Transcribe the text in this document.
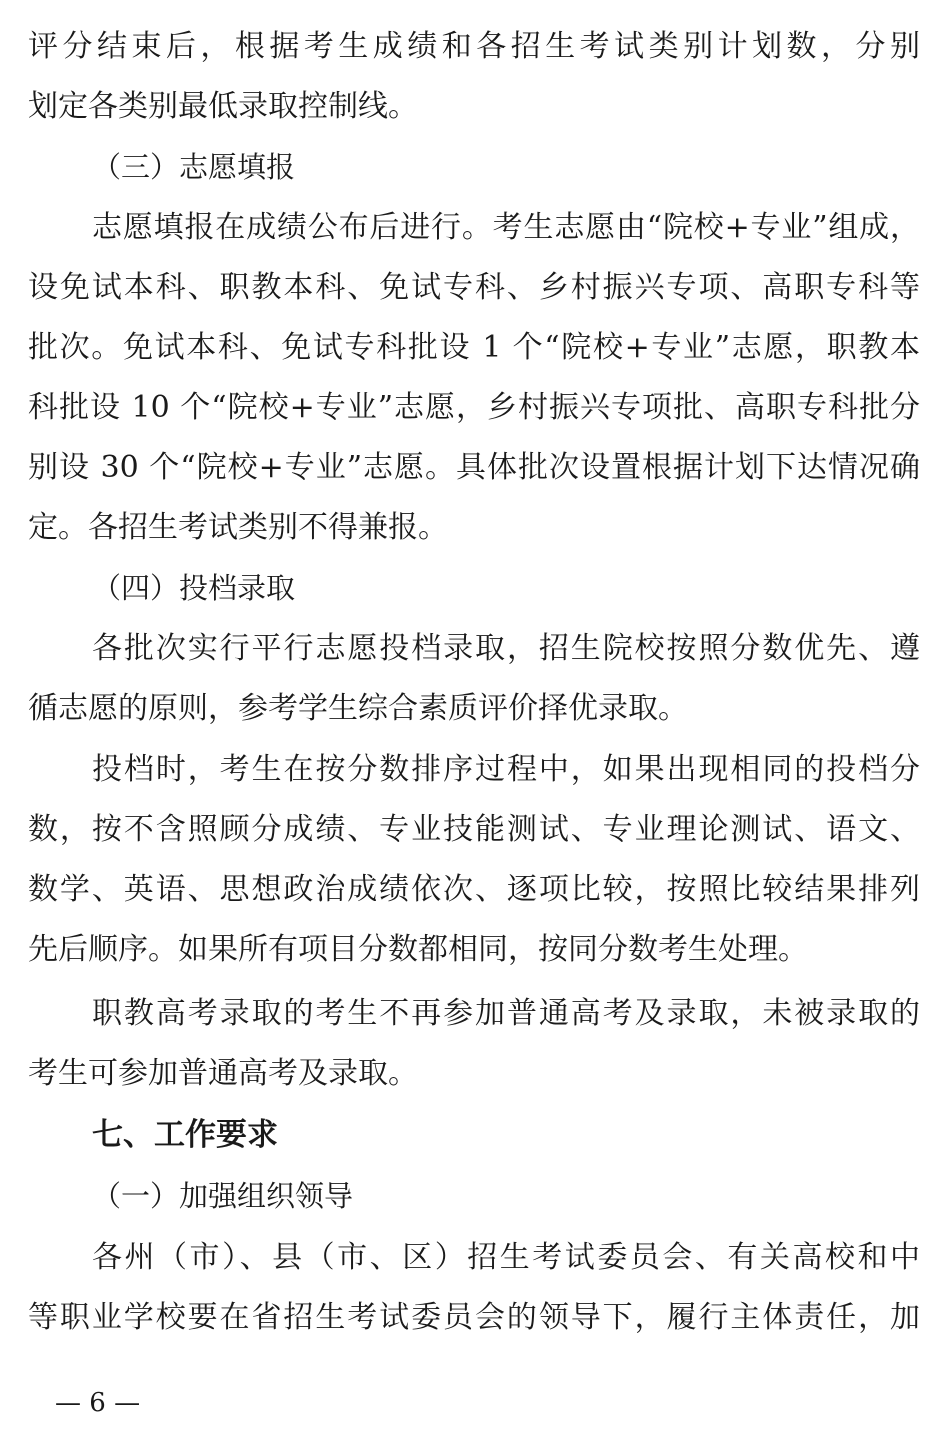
评分结束后，根据考生成绩和各招生考试类别计划数，分别
划定各类别最低录取控制线。
（三）志愿填报
志愿填报在成绩公布后进行。考生志愿由“院校+专业”组成，
设免试本科、职教本科、免试专科、乡村振兴专项、高职专科等
批次。免试本科、免试专科批设 1 个“院校+专业”志愿，职教本
科批设 10 个“院校+专业”志愿，乡村振兴专项批、高职专科批分
别设 30 个“院校+专业”志愿。具体批次设置根据计划下达情况确
定。各招生考试类别不得兼报。
（四）投档录取
各批次实行平行志愿投档录取，招生院校按照分数优先、遵
循志愿的原则，参考学生综合素质评价择优录取。
投档时，考生在按分数排序过程中，如果出现相同的投档分
数，按不含照顾分成绩、专业技能测试、专业理论测试、语文、
数学、英语、思想政治成绩依次、逐项比较，按照比较结果排列
先后顺序。如果所有项目分数都相同，按同分数考生处理。
职教高考录取的考生不再参加普通高考及录取，未被录取的
考生可参加普通高考及录取。
七、工作要求
（一）加强组织领导
各州（市）、县（市、区）招生考试委员会、有关高校和中
等职业学校要在省招生考试委员会的领导下，履行主体责任，加
— 6 —
